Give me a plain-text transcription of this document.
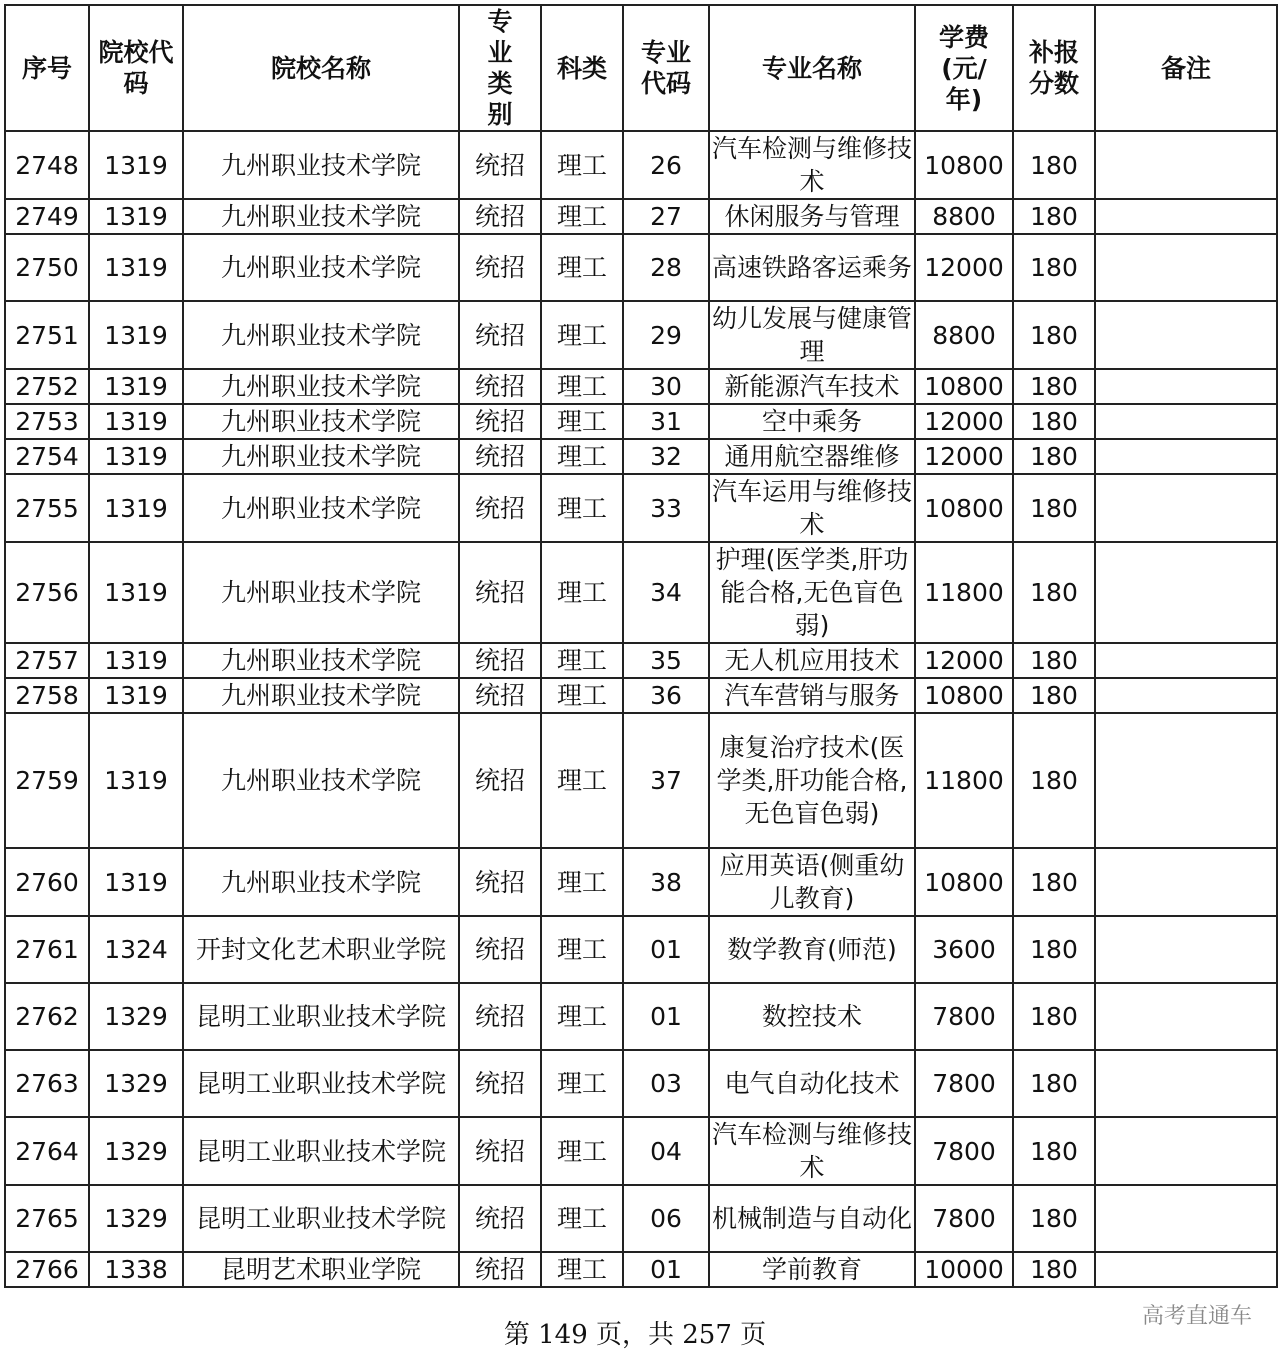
序号	院校代码	院校名称	专业类别	科类	专业代码	专业名称	学费(元/年)	补报分数	备注
2748	1319	九州职业技术学院	统招	理工	26	汽车检测与维修技术	10800	180	
2749	1319	九州职业技术学院	统招	理工	27	休闲服务与管理	8800	180	
2750	1319	九州职业技术学院	统招	理工	28	高速铁路客运乘务	12000	180	
2751	1319	九州职业技术学院	统招	理工	29	幼儿发展与健康管理	8800	180	
2752	1319	九州职业技术学院	统招	理工	30	新能源汽车技术	10800	180	
2753	1319	九州职业技术学院	统招	理工	31	空中乘务	12000	180	
2754	1319	九州职业技术学院	统招	理工	32	通用航空器维修	12000	180	
2755	1319	九州职业技术学院	统招	理工	33	汽车运用与维修技术	10800	180	
2756	1319	九州职业技术学院	统招	理工	34	护理(医学类,肝功能合格,无色盲色弱)	11800	180	
2757	1319	九州职业技术学院	统招	理工	35	无人机应用技术	12000	180	
2758	1319	九州职业技术学院	统招	理工	36	汽车营销与服务	10800	180	
2759	1319	九州职业技术学院	统招	理工	37	康复治疗技术(医学类,肝功能合格,无色盲色弱)	11800	180	
2760	1319	九州职业技术学院	统招	理工	38	应用英语(侧重幼儿教育)	10800	180	
2761	1324	开封文化艺术职业学院	统招	理工	01	数学教育(师范)	3600	180	
2762	1329	昆明工业职业技术学院	统招	理工	01	数控技术	7800	180	
2763	1329	昆明工业职业技术学院	统招	理工	03	电气自动化技术	7800	180	
2764	1329	昆明工业职业技术学院	统招	理工	04	汽车检测与维修技术	7800	180	
2765	1329	昆明工业职业技术学院	统招	理工	06	机械制造与自动化	7800	180	
2766	1338	昆明艺术职业学院	统招	理工	01	学前教育	10000	180	
第 149 页，共 257 页
高考直通车
